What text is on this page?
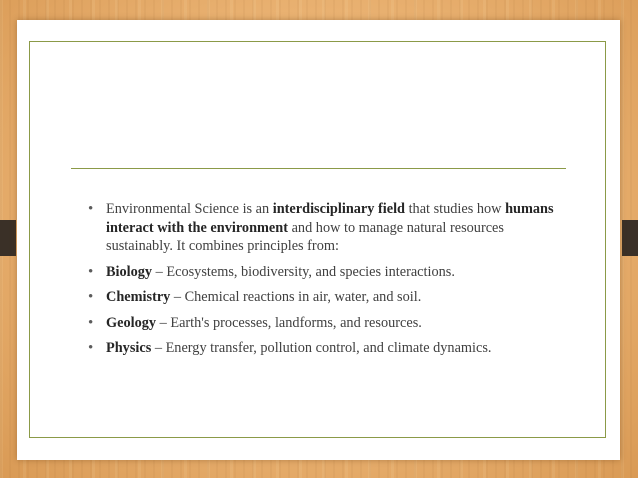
• Environmental Science is an interdisciplinary field that studies how humans interact with the environment and how to manage natural resources sustainably. It combines principles from:
• Biology – Ecosystems, biodiversity, and species interactions.
• Chemistry – Chemical reactions in air, water, and soil.
• Geology – Earth's processes, landforms, and resources.
• Physics – Energy transfer, pollution control, and climate dynamics.
